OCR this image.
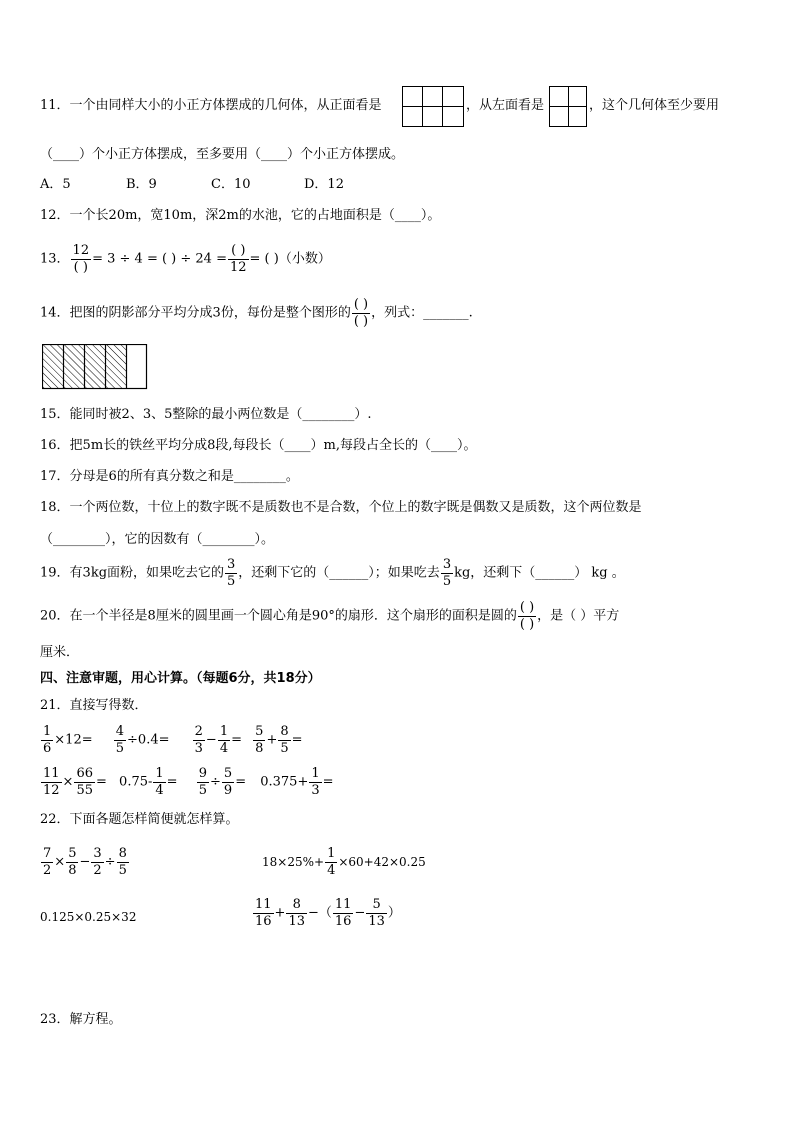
11．一个由同样大小的小正方体摆成的几何体，从正面看是	，从左面看是	，这个几何体至少要用
（____）个小正方体摆成，至多要用（____）个小正方体摆成。
A．5	B．9	C．10	D．12
12．一个长20m，宽10m，深2m的水池，它的占地面积是（____）。
13． $\frac{12}{( )} = 3 \div 4$ = ( ) ÷ $24 = \frac{( )}{12}$ = ( )（小数）
14．把图的阴影部分平均分成3份，每份是整个图形的 $\frac{( )}{( )}$ ，列式：_______.
15．能同时被2、3、5整除的最小两位数是（________）.
16．把5m长的铁丝平均分成8段,每段长（____）m,每段占全长的（____）。
17．分母是6的所有真分数之和是________。
18．一个两位数，十位上的数字既不是质数也不是合数，个位上的数字既是偶数又是质数，这个两位数是
（________），它的因数有（________）。
19．有3kg面粉，如果吃去它的 $\frac{3}{5}$ ，还剩下它的（______）；如果吃去 $\frac{3}{5}$ kg，还剩下（______） kg 。
20．在一个半径是8厘米的圆里画一个圆心角是90°的扇形．这个扇形的面积是圆的 $\frac{( )}{( )}$ ，是（ ）平方
厘米．
四、注意审题，用心计算。（每题6分，共18分）
21．直接写得数．
$\frac{1}{6} \times 12= \frac{4}{5} \div 0.4= \frac{2}{3} - \frac{1}{4} = \frac{5}{8} + \frac{8}{5}$ =
$\frac{11}{12} \times \frac{66}{55} = 0.75- \frac{1}{4} = \frac{9}{5} \div \frac{5}{9} = 0.375+ \frac{1}{3}$ =
22．下面各题怎样简便就怎样算。
$\frac{7}{2} \times \frac{5}{8} - \frac{3}{2} \div \frac{8}{5}$	$18\times 25\%+ \frac{1}{4} \times 60+42\times 0.25$
0.125×0.25×32	$\frac{11}{16} + \frac{8}{13}$ −（ $\frac{11}{16} - \frac{5}{13}$ ）
23．解方程。
